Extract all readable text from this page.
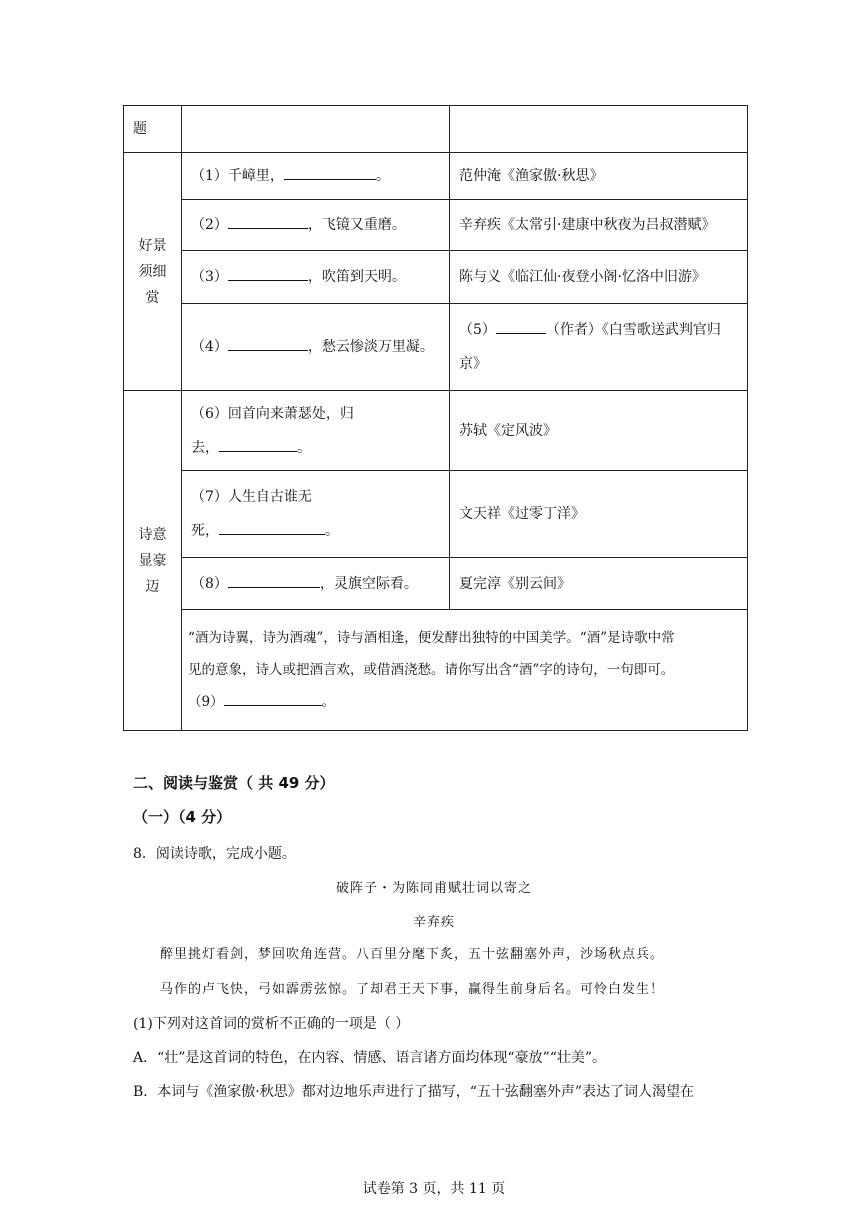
题		
好景
须细
赏	（1）千嶂里， 。	范仲淹《渔家傲·秋思》
	（2） ，飞镜又重磨。	辛弃疾《太常引·建康中秋夜为吕叔潜赋》
	（3） ，吹笛到天明。	陈与义《临江仙·夜登小阁·忆洛中旧游》
	（4） ，愁云惨淡万里凝。	（5） （作者）《白雪歌送武判官归京》
诗意
显豪
迈	（6）回首向来萧瑟处，归
去， 。	苏轼《定风波》
	（7）人生自古谁无
死， 。	文天祥《过零丁洋》
	（8） ，灵旗空际看。	夏完淳《别云间》
	“酒为诗翼，诗为酒魂”，诗与酒相逢，便发酵出独特的中国美学。“酒”是诗歌中常
见的意象，诗人或把酒言欢，或借酒浇愁。请你写出含“酒”字的诗句，一句即可。
（9） 。	
二、阅读与鉴赏（ 共 49 分）
（一）（4 分）
8．阅读诗歌，完成小题。
破阵子・为陈同甫赋壮词以寄之
辛弃疾
醉里挑灯看剑，梦回吹角连营。八百里分麾下炙，五十弦翻塞外声，沙场秋点兵。
马作的卢飞快，弓如霹雳弦惊。了却君王天下事，赢得生前身后名。可怜白发生！
(1)下列对这首词的赏析不正确的一项是（ ）
A．“壮”是这首词的特色，在内容、情感、语言诸方面均体现“豪放”“壮美”。
B．本词与《渔家傲·秋思》都对边地乐声进行了描写，“五十弦翻塞外声”表达了词人渴望在
试卷第 3 页，共 11 页
